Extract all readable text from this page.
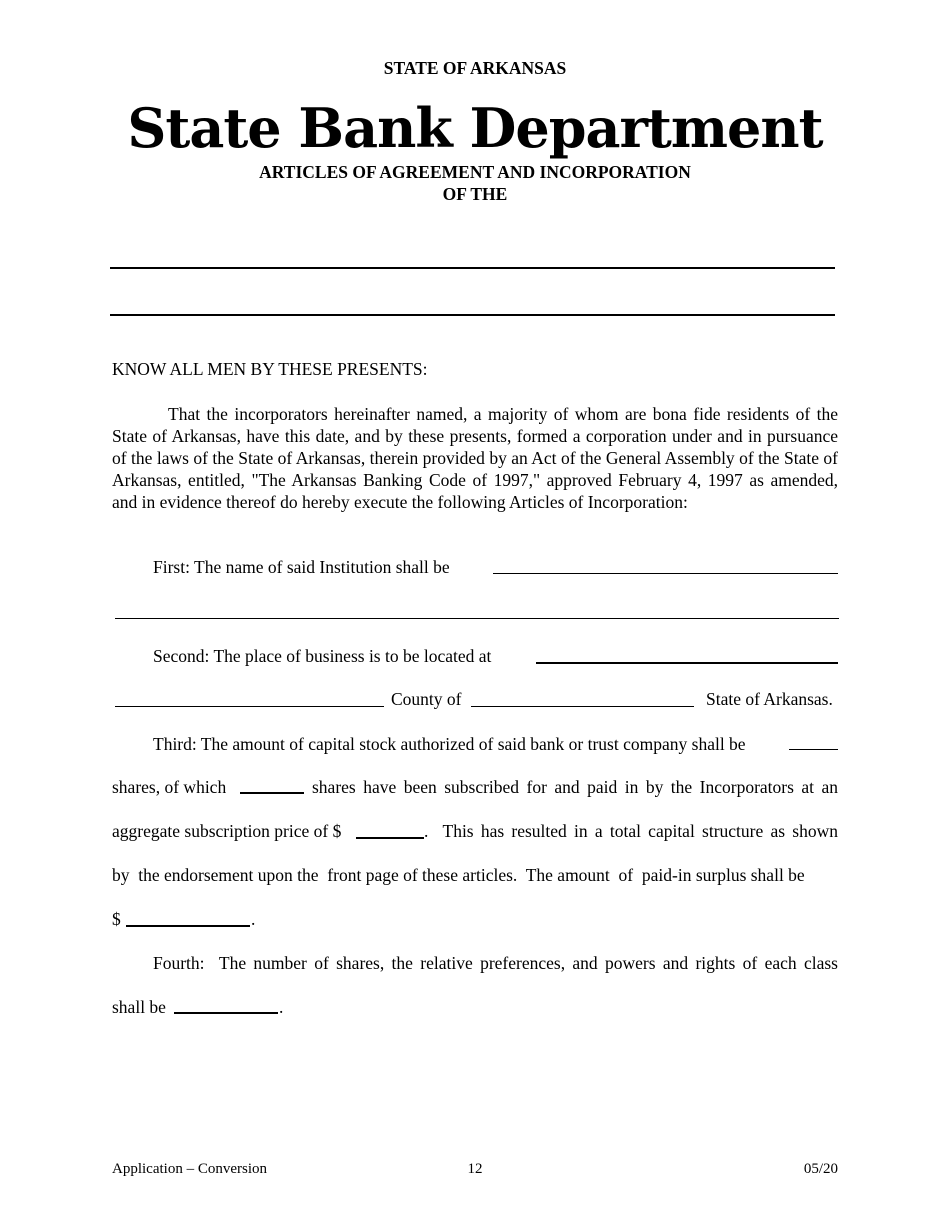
STATE OF ARKANSAS
State Bank Department
ARTICLES OF AGREEMENT AND INCORPORATION
OF THE
KNOW ALL MEN BY THESE PRESENTS:
That the incorporators hereinafter named, a majority of whom are bona fide residents of the State of Arkansas, have this date, and by these presents, formed a corporation under and in pursuance of the laws of the State of Arkansas, therein provided by an Act of the General Assembly of the State of Arkansas, entitled, "The Arkansas Banking Code of 1997," approved February 4, 1997 as amended, and in evidence thereof do hereby execute the following Articles of Incorporation:
First: The name of said Institution shall be
Second: The place of business is to be located at
County of	State of Arkansas.
Third: The amount of capital stock authorized of said bank or trust company shall be
shares, of which	shares have been subscribed for and paid in by the Incorporators at an
aggregate subscription price of $	.  This has resulted in a total capital structure as shown
by  the endorsement upon the  front page of these articles.  The amount  of  paid-in surplus shall be
$	.
Fourth:  The number of shares, the relative preferences, and powers and rights of each class
shall be	.
Application – Conversion	12	05/20
